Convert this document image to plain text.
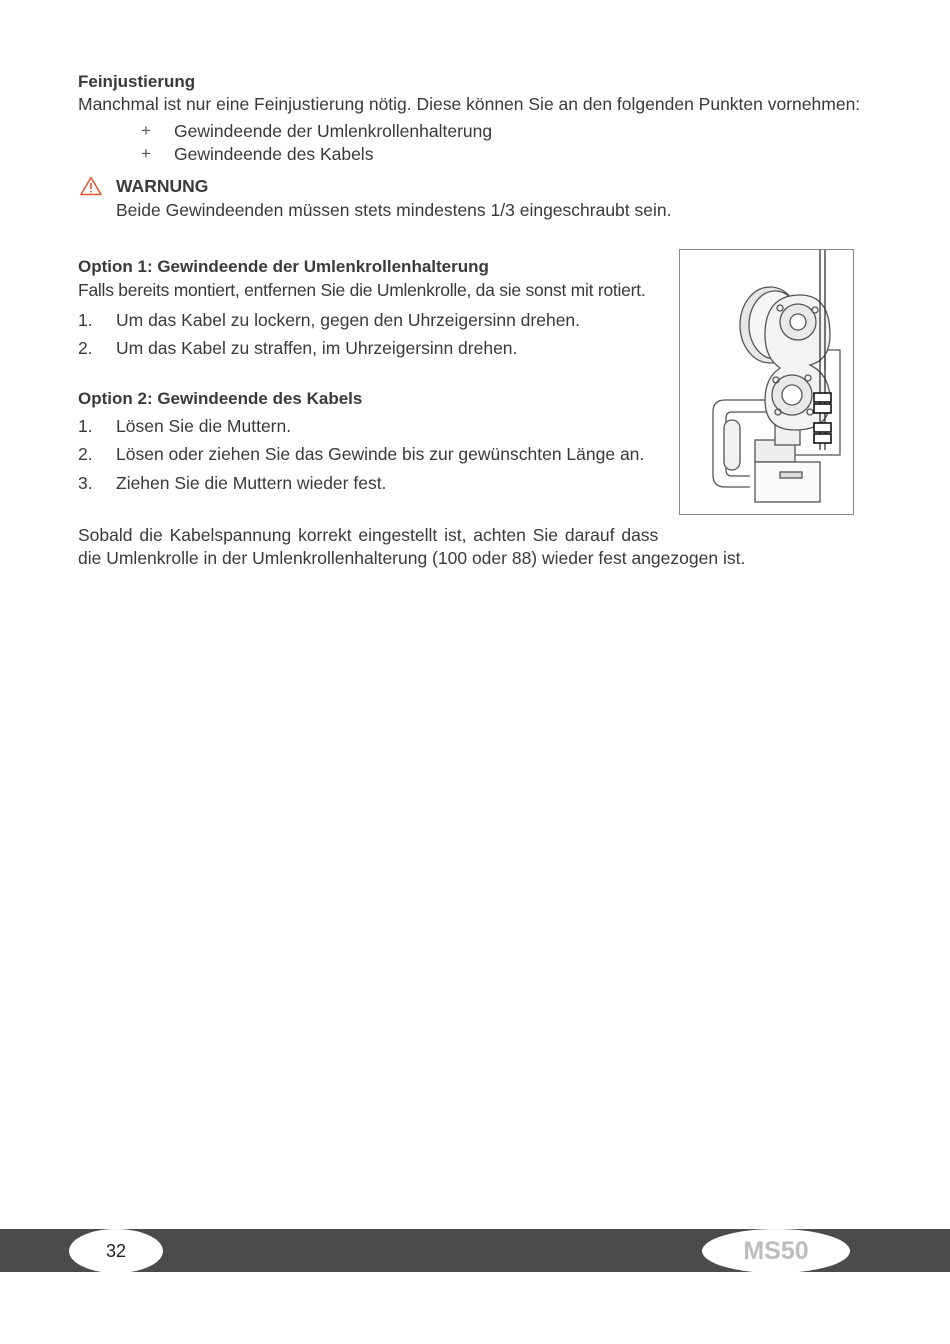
Feinjustierung
Manchmal ist nur eine Feinjustierung nötig. Diese können Sie an den folgenden Punkten vornehmen:
+ Gewindeende der Umlenkrollenhalterung
+ Gewindeende des Kabels
WARNUNG
Beide Gewindeenden müssen stets mindestens 1/3 eingeschraubt sein.
Option 1: Gewindeende der Umlenkrollenhalterung
Falls bereits montiert, entfernen Sie die Umlenkrolle, da sie sonst mit rotiert.
1. Um das Kabel zu lockern, gegen den Uhrzeigersinn drehen.
2. Um das Kabel zu straffen, im Uhrzeigersinn drehen.
Option 2: Gewindeende des Kabels
1. Lösen Sie die Muttern.
2. Lösen oder ziehen Sie das Gewinde bis zur gewünschten Länge an.
3. Ziehen Sie die Muttern wieder fest.
Sobald die Kabelspannung korrekt eingestellt ist, achten Sie darauf dass
die Umlenkrolle in der Umlenkrollenhalterung (100 oder 88) wieder fest angezogen ist.
32	MS50
